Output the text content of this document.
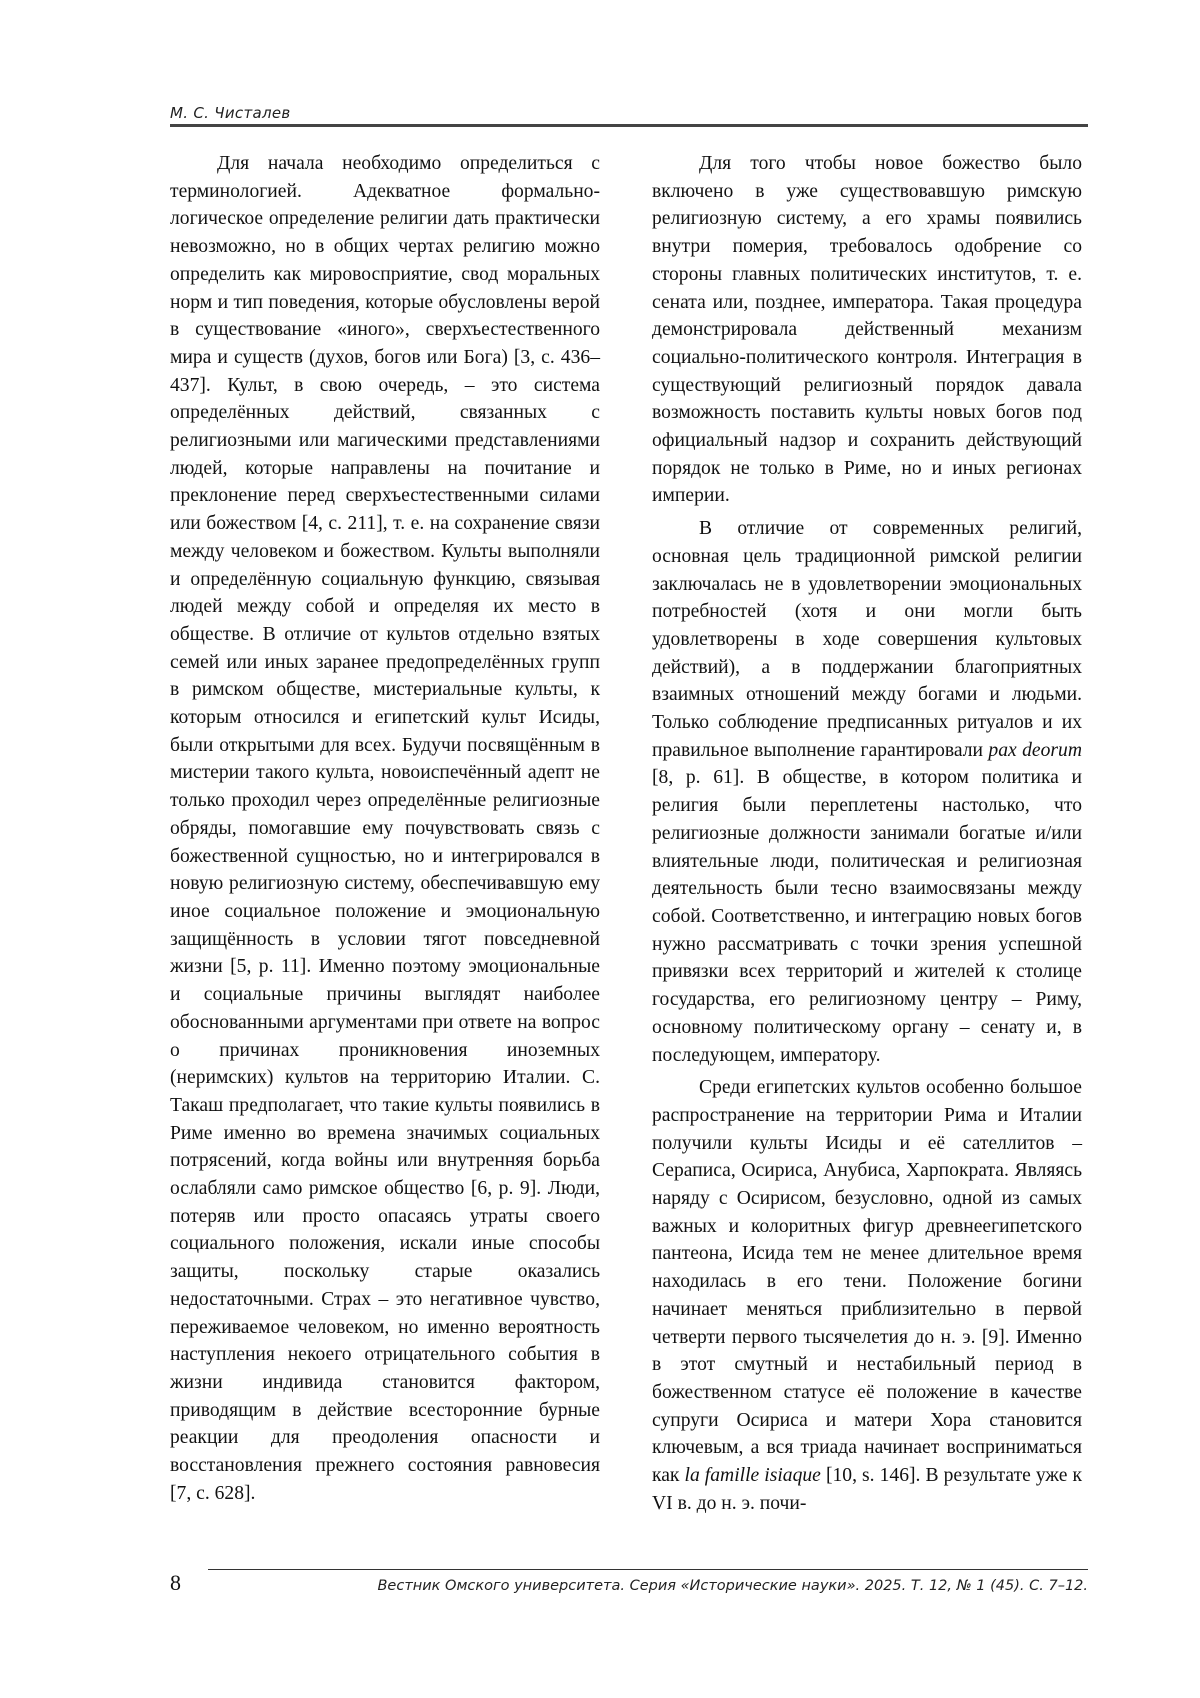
М. С. Чисталев

Для начала необходимо определиться с терминологией. Адекватное формально-логическое определение религии дать практически невозможно, но в общих чертах религию можно определить как мировосприятие, свод моральных норм и тип поведения, которые обусловлены верой в существование «иного», сверхъестественного мира и существ (духов, богов или Бога) [3, с. 436–437]. Культ, в свою очередь, – это система определённых действий, связанных с религиозными или магическими представлениями людей, которые направлены на почитание и преклонение перед сверхъестественными силами или божеством [4, с. 211], т. е. на сохранение связи между человеком и божеством. Культы выполняли и определённую социальную функцию, связывая людей между собой и определяя их место в обществе. В отличие от культов отдельно взятых семей или иных заранее предопределённых групп в римском обществе, мистериальные культы, к которым относился и египетский культ Исиды, были открытыми для всех. Будучи посвящённым в мистерии такого культа, новоиспечённый адепт не только проходил через определённые религиозные обряды, помогавшие ему почувствовать связь с божественной сущностью, но и интегрировался в новую религиозную систему, обеспечивавшую ему иное социальное положение и эмоциональную защищённость в условии тягот повседневной жизни [5, p. 11]. Именно поэтому эмоциональные и социальные причины выглядят наиболее обоснованными аргументами при ответе на вопрос о причинах проникновения иноземных (неримских) культов на территорию Италии. С. Такаш предполагает, что такие культы появились в Риме именно во времена значимых социальных потрясений, когда войны или внутренняя борьба ослабляли само римское общество [6, p. 9]. Люди, потеряв или просто опасаясь утраты своего социального положения, искали иные способы защиты, поскольку старые оказались недостаточными. Страх – это негативное чувство, переживаемое человеком, но именно вероятность наступления некоего отрицательного события в жизни индивида становится фактором, приводящим в действие всесторонние бурные реакции для преодоления опасности и восстановления прежнего состояния равновесия [7, с. 628].

Для того чтобы новое божество было включено в уже существовавшую римскую религиозную систему, а его храмы появились внутри померия, требовалось одобрение со стороны главных политических институтов, т. е. сената или, позднее, императора. Такая процедура демонстрировала действенный механизм социально-политического контроля. Интеграция в существующий религиозный порядок давала возможность поставить культы новых богов под официальный надзор и сохранить действующий порядок не только в Риме, но и иных регионах империи.

В отличие от современных религий, основная цель традиционной римской религии заключалась не в удовлетворении эмоциональных потребностей (хотя и они могли быть удовлетворены в ходе совершения культовых действий), а в поддержании благоприятных взаимных отношений между богами и людьми. Только соблюдение предписанных ритуалов и их правильное выполнение гарантировали pax deorum [8, p. 61]. В обществе, в котором политика и религия были переплетены настолько, что религиозные должности занимали богатые и/или влиятельные люди, политическая и религиозная деятельность были тесно взаимосвязаны между собой. Соответственно, и интеграцию новых богов нужно рассматривать с точки зрения успешной привязки всех территорий и жителей к столице государства, его религиозному центру – Риму, основному политическому органу – сенату и, в последующем, императору.

Среди египетских культов особенно большое распространение на территории Рима и Италии получили культы Исиды и её сателлитов – Сераписа, Осириса, Анубиса, Харпократа. Являясь наряду с Осирисом, безусловно, одной из самых важных и колоритных фигур древнеегипетского пантеона, Исида тем не менее длительное время находилась в его тени. Положение богини начинает меняться приблизительно в первой четверти первого тысячелетия до н. э. [9]. Именно в этот смутный и нестабильный период в божественном статусе её положение в качестве супруги Осириса и матери Хора становится ключевым, а вся триада начинает восприниматься как la famille isiaque [10, s. 146]. В результате уже к VI в. до н. э. почи-

8	Вестник Омского университета. Серия «Исторические науки». 2025. Т. 12, № 1 (45). С. 7–12.
